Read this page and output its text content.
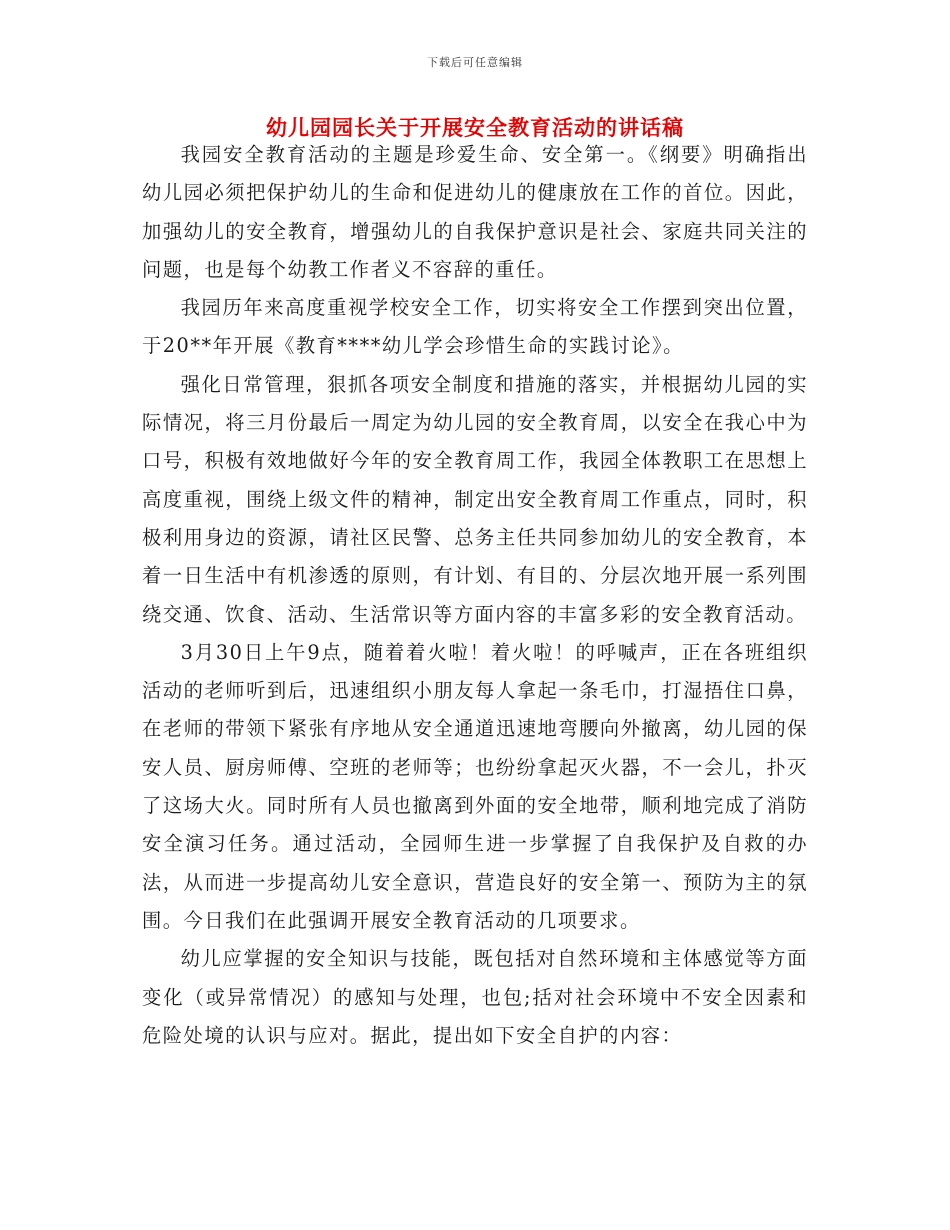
下载后可任意编辑
幼儿园园长关于开展安全教育活动的讲话稿

我园安全教育活动的主题是珍爱生命、安全第一。《纲要》明确指出幼儿园必须把保护幼儿的生命和促进幼儿的健康放在工作的首位。因此，加强幼儿的安全教育，增强幼儿的自我保护意识是社会、家庭共同关注的问题，也是每个幼教工作者义不容辞的重任。

我园历年来高度重视学校安全工作，切实将安全工作摆到突出位置，于20**年开展《教育****幼儿学会珍惜生命的实践讨论》。

强化日常管理，狠抓各项安全制度和措施的落实，并根据幼儿园的实际情况，将三月份最后一周定为幼儿园的安全教育周，以安全在我心中为口号，积极有效地做好今年的安全教育周工作，我园全体教职工在思想上高度重视，围绕上级文件的精神，制定出安全教育周工作重点，同时，积极利用身边的资源，请社区民警、总务主任共同参加幼儿的安全教育，本着一日生活中有机渗透的原则，有计划、有目的、分层次地开展一系列围绕交通、饮食、活动、生活常识等方面内容的丰富多彩的安全教育活动。

3月30日上午9点，随着着火啦！着火啦！的呼喊声，正在各班组织活动的老师听到后，迅速组织小朋友每人拿起一条毛巾，打湿捂住口鼻，在老师的带领下紧张有序地从安全通道迅速地弯腰向外撤离，幼儿园的保安人员、厨房师傅、空班的老师等；也纷纷拿起灭火器，不一会儿，扑灭了这场大火。同时所有人员也撤离到外面的安全地带，顺利地完成了消防安全演习任务。通过活动，全园师生进一步掌握了自我保护及自救的办法，从而进一步提高幼儿安全意识，营造良好的安全第一、预防为主的氛围。今日我们在此强调开展安全教育活动的几项要求。

幼儿应掌握的安全知识与技能，既包括对自然环境和主体感觉等方面变化（或异常情况）的感知与处理，也包;括对社会环境中不安全因素和危险处境的认识与应对。据此，提出如下安全自护的内容：
